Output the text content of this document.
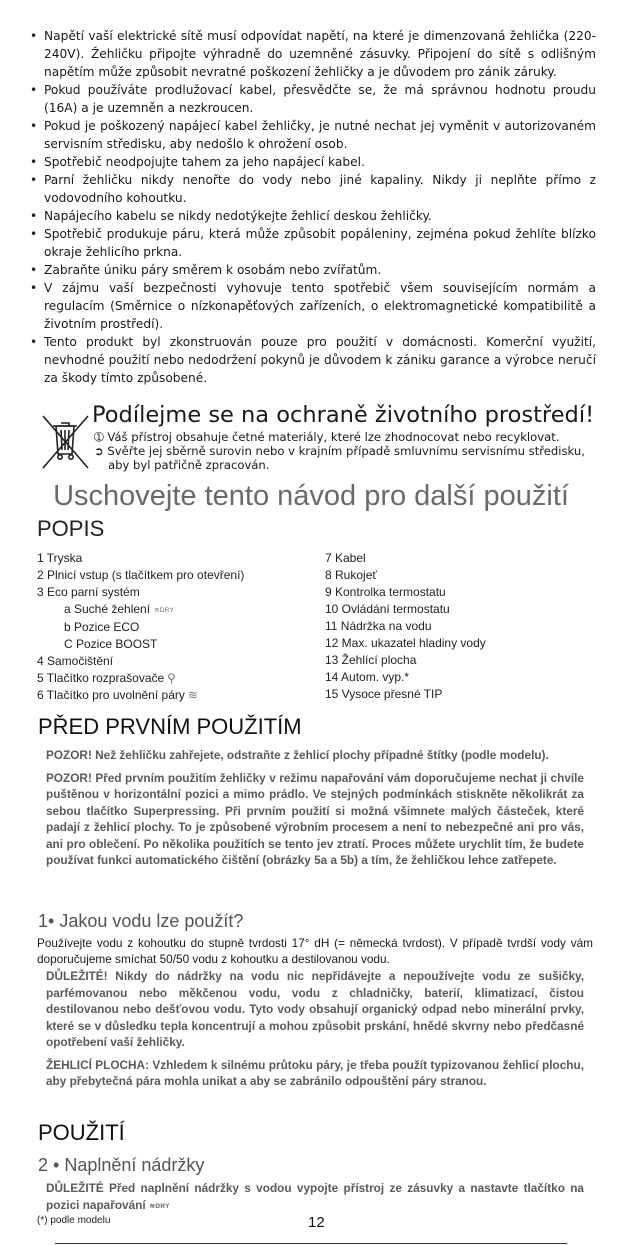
• Napětí vaší elektrické sítě musí odpovídat napětí, na které je dimenzovaná žehlička (220-240V). Žehličku připojte výhradně do uzemněné zásuvky. Připojení do sítě s odlišným napětím může způsobit nevratné poškození žehličky a je důvodem pro zánik záruky.
• Pokud používáte prodlužovací kabel, přesvědčte se, že má správnou hodnotu proudu (16A) a je uzemněn a nezkroucen.
• Pokud je poškozený napájecí kabel žehličky, je nutné nechat jej vyměnit v autorizovaném servisním středisku, aby nedošlo k ohrožení osob.
• Spotřebič neodpojujte tahem za jeho napájecí kabel.
• Parní žehličku nikdy nenořte do vody nebo jiné kapaliny. Nikdy ji neplňte přímo z vodovodního kohoutku.
• Napájecího kabelu se nikdy nedotýkejte žehlicí deskou žehličky.
• Spotřebič produkuje páru, která může způsobit popáleniny, zejména pokud žehlíte blízko okraje žehlicího prkna.
• Zabraňte úniku páry směrem k osobám nebo zvířatům.
• V zájmu vaší bezpečnosti vyhovuje tento spotřebič všem souvisejícím normám a regulacím (Směrnice o nízkonapěťových zařízeních, o elektromagnetické kompatibilitě a životním prostředí).
• Tento produkt byl zkonstruován pouze pro použití v domácnosti. Komerční využití, nevhodné použití nebo nedodržení pokynů je důvodem k zániku garance a výrobce neručí za škody tímto způsobené.
Podílejme se na ochraně životního prostředí!
➀ Váš přístroj obsahuje četné materiály, které lze zhodnocovat nebo recyklovat.
➲ Svěřte jej sběrně surovin nebo v krajním případě smluvnímu servisnímu středisku,
aby byl patřičně zpracován.
Uschovejte tento návod pro další použití
POPIS
1 Tryska
2 Plnicí vstup (s tlačítkem pro otevření)
3 Eco parní systém
a Suché žehlení ≋DRY
b Pozice ECO
C Pozice BOOST
4 Samočištění
5 Tlačítko rozprašovače ⚲
6 Tlačítko pro uvolnění páry ≋
7 Kabel
8 Rukojeť
9 Kontrolka termostatu
10 Ovládání termostatu
11 Nádržka na vodu
12 Max. ukazatel hladiny vody
13 Žehlící plocha
14 Autom. vyp.*
15 Vysoce přesné TIP
PŘED PRVNÍM POUŽITÍM

POZOR! Než žehličku zahřejete, odstraňte z žehlicí plochy případné štítky (podle modelu).

POZOR! Před prvním použitím žehličky v režimu napařování vám doporučujeme nechat ji chvíle puštěnou v horizontální pozici a mimo prádlo. Ve stejných podmínkách stiskněte několikrát za sebou tlačítko Superpressing. Při prvním použití si možná všimnete malých částeček, které padají z žehlicí plochy. To je způsobené výrobním procesem a není to nebezpečné ani pro vás, ani pro oblečení. Po několika použitích se tento jev ztratí. Proces můžete urychlit tím, že budete používat funkci automatického čištění (obrázky 5a a 5b) a tím, že žehličkou lehce zatřepete.

1• Jakou vodu lze použít?
Používejte vodu z kohoutku do stupně tvrdosti 17° dH (= německá tvrdost). V případě tvrdší vody vám doporučujeme smíchat 50/50 vodu z kohoutku a destilovanou vodu.

DŮLEŽITÉ! Nikdy do nádržky na vodu nic nepřidávejte a nepoužívejte vodu ze sušičky, parfémovanou nebo měkčenou vodu, vodu z chladničky, baterií, klimatizací, čistou destilovanou nebo dešťovou vodu. Tyto vody obsahují organický odpad nebo minerální prvky, které se v důsledku tepla koncentrují a mohou způsobit prskání, hnědé skvrny nebo předčasné opotřebení vaší žehličky.

ŽEHLICÍ PLOCHA: Vzhledem k silnému průtoku páry, je třeba použít typizovanou žehlicí plochu, aby přebytečná pára mohla unikat a aby se zabránilo odpouštění páry stranou.

POUŽITÍ
2 • Naplnění nádržky

DŮLEŽITÉ Před naplnění nádržky s vodou vypojte přístroj ze zásuvky a nastavte tlačítko na pozici napařování ≋DRY

(*) podle modelu	12
